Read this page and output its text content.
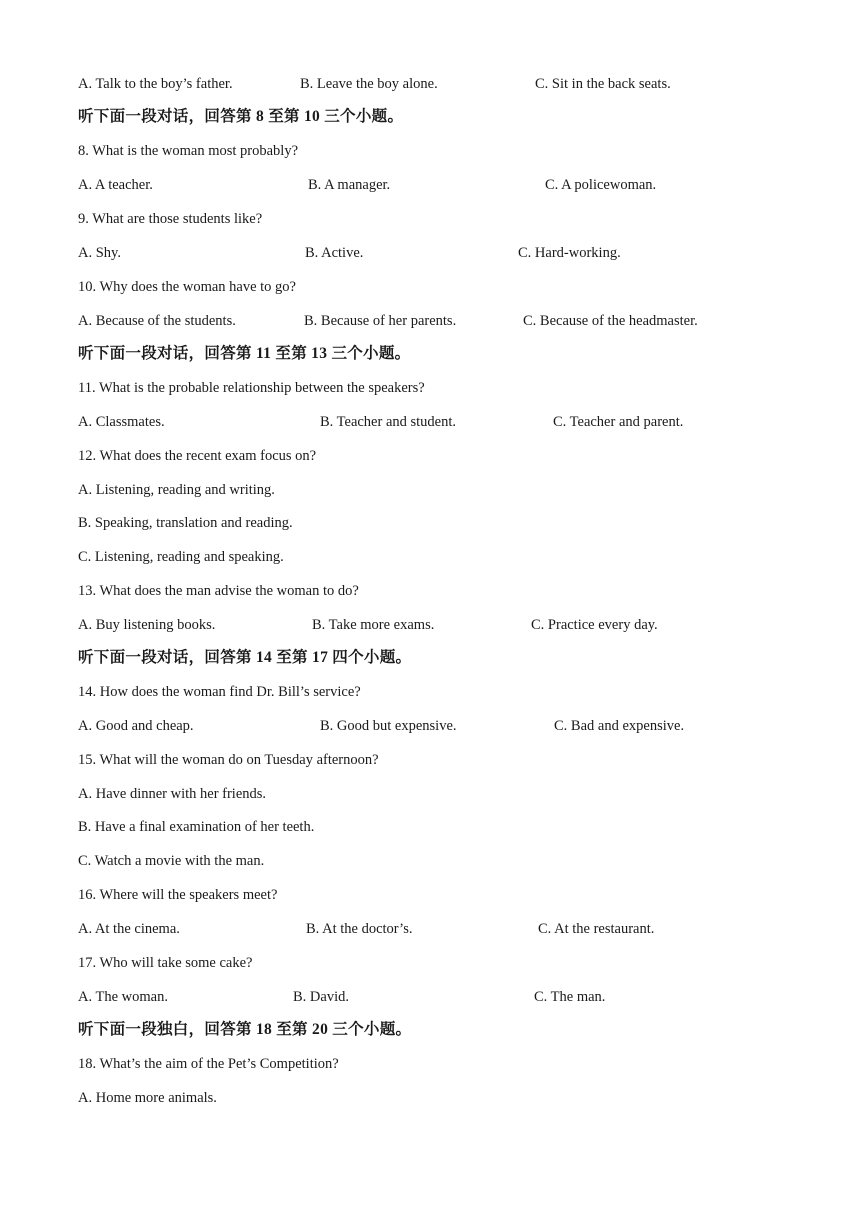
A. Talk to the boy’s father.	B. Leave the boy alone.	C. Sit in the back seats.
听下面一段对话，回答第 8 至第 10 三个小题。
8. What is the woman most probably?
A. A teacher.	B. A manager.	C. A policewoman.
9. What are those students like?
A. Shy.	B. Active.	C. Hard-working.
10. Why does the woman have to go?
A. Because of the students.	B. Because of her parents.	C. Because of the headmaster.
听下面一段对话，回答第 11 至第 13 三个小题。
11. What is the probable relationship between the speakers?
A. Classmates.	B. Teacher and student.	C. Teacher and parent.
12. What does the recent exam focus on?
A. Listening, reading and writing.
B. Speaking, translation and reading.
C. Listening, reading and speaking.
13. What does the man advise the woman to do?
A. Buy listening books.	B. Take more exams.	C. Practice every day.
听下面一段对话，回答第 14 至第 17 四个小题。
14. How does the woman find Dr. Bill’s service?
A. Good and cheap.	B. Good but expensive.	C. Bad and expensive.
15. What will the woman do on Tuesday afternoon?
A. Have dinner with her friends.
B. Have a final examination of her teeth.
C. Watch a movie with the man.
16. Where will the speakers meet?
A. At the cinema.	B. At the doctor’s.	C. At the restaurant.
17. Who will take some cake?
A. The woman.	B. David.	C. The man.
听下面一段独白，回答第 18 至第 20 三个小题。
18. What’s the aim of the Pet’s Competition?
A. Home more animals.
